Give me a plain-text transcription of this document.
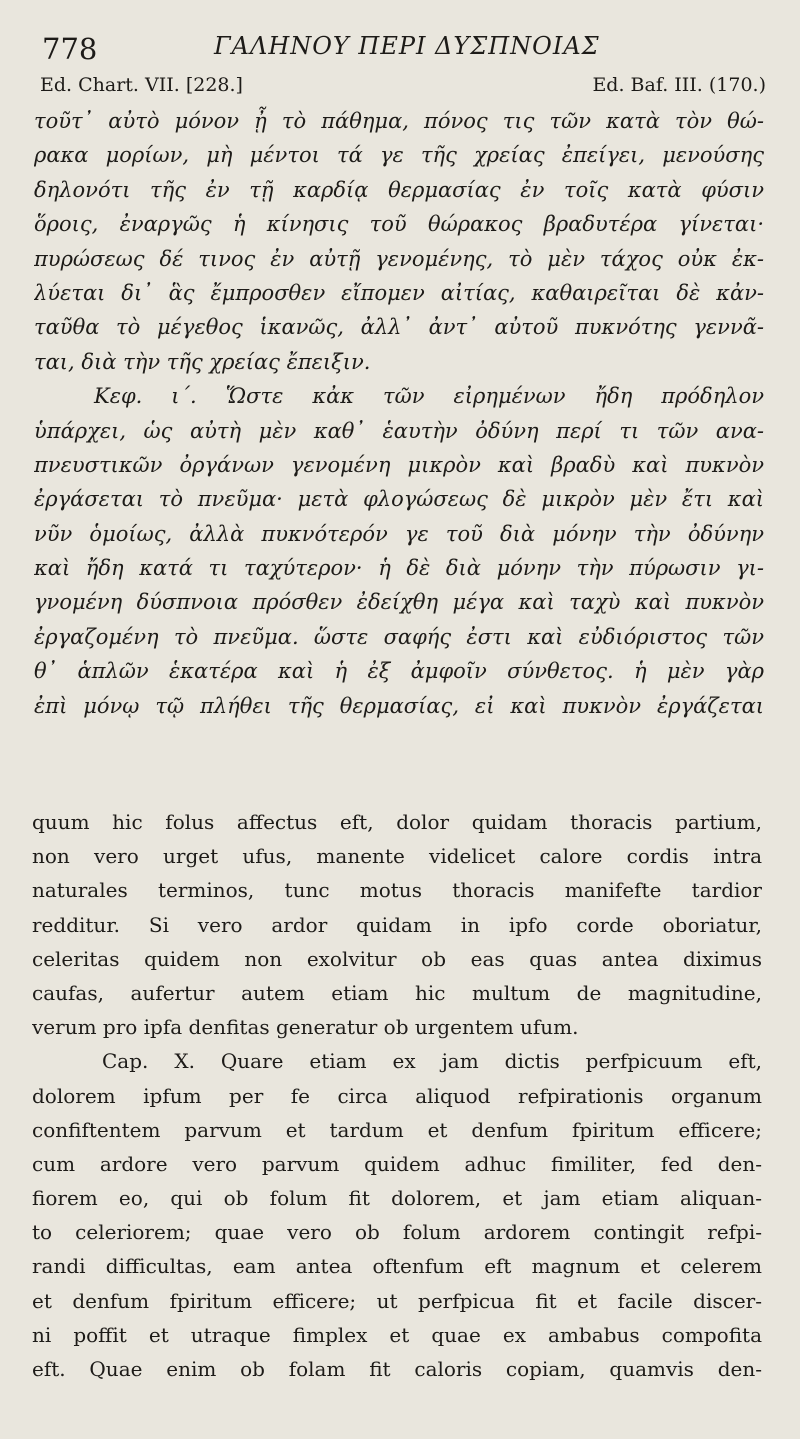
778	ΓΑΛΗΝΟΥ ΠΕΡΙ ΔΥΣΠΝΟΙΑΣ
Ed. Chart. VII. [228.]	Ed. Baf. III. (170.)
τοῦτ᾽ αὐτὸ μόνον ᾖ τὸ πάθημα, πόνος τις τῶν κατὰ τὸν θώ-
ρακα μορίων, μὴ μέντοι τά γε τῆς χρείας ἐπείγει, μενούσης
δηλονότι τῆς ἐν τῇ καρδίᾳ θερμασίας ἐν τοῖς κατὰ φύσιν
ὅροις, ἐναργῶς ἡ κίνησις τοῦ θώρακος βραδυτέρα γίνεται·
πυρώσεως δέ τινος ἐν αὐτῇ γενομένης, τὸ μὲν τάχος οὐκ ἐκ-
λύεται δι᾽ ἃς ἔμπροσθεν εἴπομεν αἰτίας, καθαιρεῖται δὲ κἀν-
ταῦθα τὸ μέγεθος ἱκανῶς, ἀλλ᾽ ἀντ᾽ αὐτοῦ πυκνότης γεννᾶ-
ται, διὰ τὴν τῆς χρείας ἔπειξιν.
Κεφ. ι΄. Ὥστε κἀκ τῶν εἰρημένων ἤδη πρόδηλον
ὑπάρχει, ὡς αὐτὴ μὲν καθ᾽ ἑαυτὴν ὀδύνη περί τι τῶν ανα-
πνευστικῶν ὀργάνων γενομένη μικρὸν καὶ βραδὺ καὶ πυκνὸν
ἐργάσεται τὸ πνεῦμα· μετὰ φλογώσεως δὲ μικρὸν μὲν ἔτι καὶ
νῦν ὁμοίως, ἀλλὰ πυκνότερόν γε τοῦ διὰ μόνην τὴν ὀδύνην
καὶ ἤδη κατά τι ταχύτερον· ἡ δὲ διὰ μόνην τὴν πύρωσιν γι-
γνομένη δύσπνοια πρόσθεν ἐδείχθη μέγα καὶ ταχὺ καὶ πυκνὸν
ἐργαζομένη τὸ πνεῦμα. ὥστε σαφής ἐστι καὶ εὐδιόριστος τῶν
θ᾽ ἁπλῶν ἑκατέρα καὶ ἡ ἐξ ἀμφοῖν σύνθετος. ἡ μὲν γὰρ
ἐπὶ μόνῳ τῷ πλήθει τῆς θερμασίας, εἰ καὶ πυκνὸν ἐργάζεται
quum hic folus affectus eft, dolor quidam thoracis partium,
non vero urget ufus, manente videlicet calore cordis intra
naturales terminos, tunc motus thoracis manifefte tardior
redditur. Si vero ardor quidam in ipfo corde oboriatur,
celeritas quidem non exolvitur ob eas quas antea diximus
caufas, aufertur autem etiam hic multum de magnitudine,
verum pro ipfa denfitas generatur ob urgentem ufum.
Cap. X. Quare etiam ex jam dictis perfpicuum eft,
dolorem ipfum per fe circa aliquod refpirationis organum
confiftentem parvum et tardum et denfum fpiritum efficere;
cum ardore vero parvum quidem adhuc fimiliter, fed den-
fiorem eo, qui ob folum fit dolorem, et jam etiam aliquan-
to celeriorem; quae vero ob folum ardorem contingit refpi-
randi difficultas, eam antea oftenfum eft magnum et celerem
et denfum fpiritum efficere; ut perfpicua fit et facile discer-
ni poffit et utraque fimplex et quae ex ambabus compofita
eft. Quae enim ob folam fit caloris copiam, quamvis den-
